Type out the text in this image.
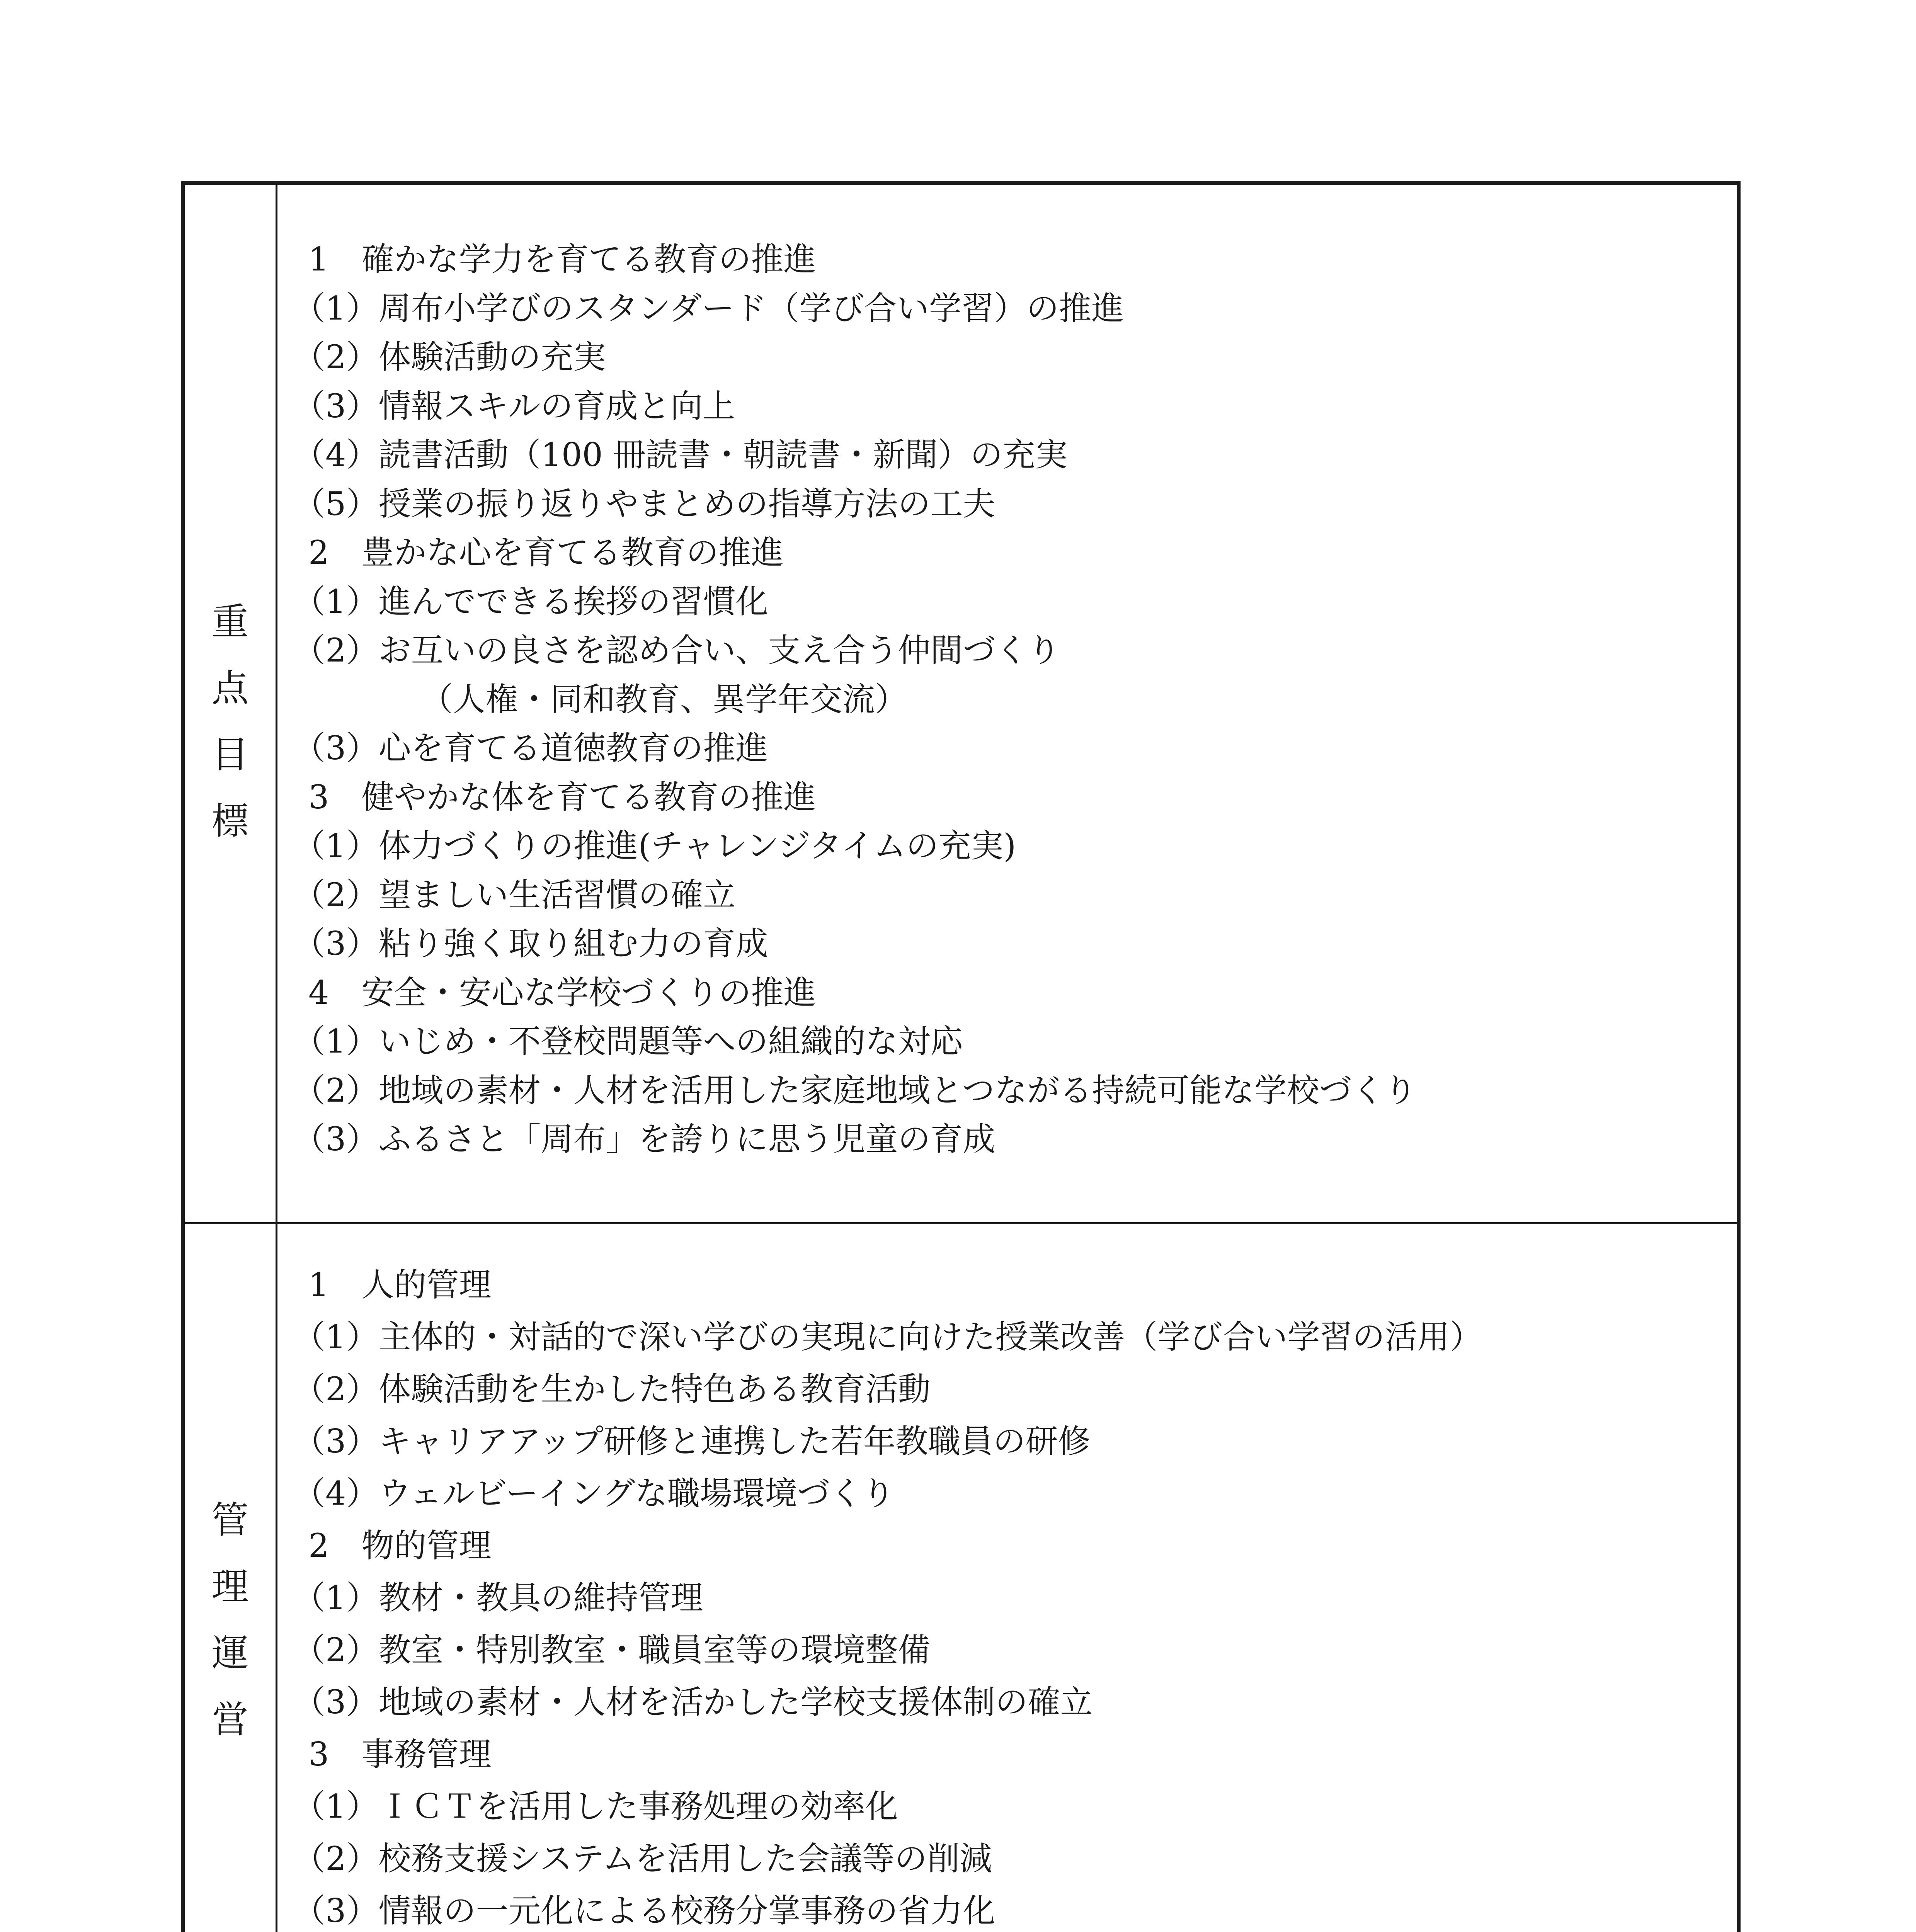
重
点
目
標
1　確かな学力を育てる教育の推進
（1）周布小学びのスタンダード（学び合い学習）の推進
（2）体験活動の充実
（3）情報スキルの育成と向上
（4）読書活動（100 冊読書・朝読書・新聞）の充実
（5）授業の振り返りやまとめの指導方法の工夫
2　豊かな心を育てる教育の推進
（1）進んでできる挨拶の習慣化
（2）お互いの良さを認め合い、支え合う仲間づくり
（人権・同和教育、異学年交流）
（3）心を育てる道徳教育の推進
3　健やかな体を育てる教育の推進
（1）体力づくりの推進(チャレンジタイムの充実)
（2）望ましい生活習慣の確立
（3）粘り強く取り組む力の育成
4　安全・安心な学校づくりの推進
（1）いじめ・不登校問題等への組織的な対応
（2）地域の素材・人材を活用した家庭地域とつながる持続可能な学校づくり
（3）ふるさと「周布」を誇りに思う児童の育成
管
理
運
営
1　人的管理
（1）主体的・対話的で深い学びの実現に向けた授業改善（学び合い学習の活用）
（2）体験活動を生かした特色ある教育活動
（3）キャリアアップ研修と連携した若年教職員の研修
（4）ウェルビーイングな職場環境づくり
2　物的管理
（1）教材・教具の維持管理
（2）教室・特別教室・職員室等の環境整備
（3）地域の素材・人材を活かした学校支援体制の確立
3　事務管理
（1）ＩＣＴを活用した事務処理の効率化
（2）校務支援システムを活用した会議等の削減
（3）情報の一元化による校務分掌事務の省力化
